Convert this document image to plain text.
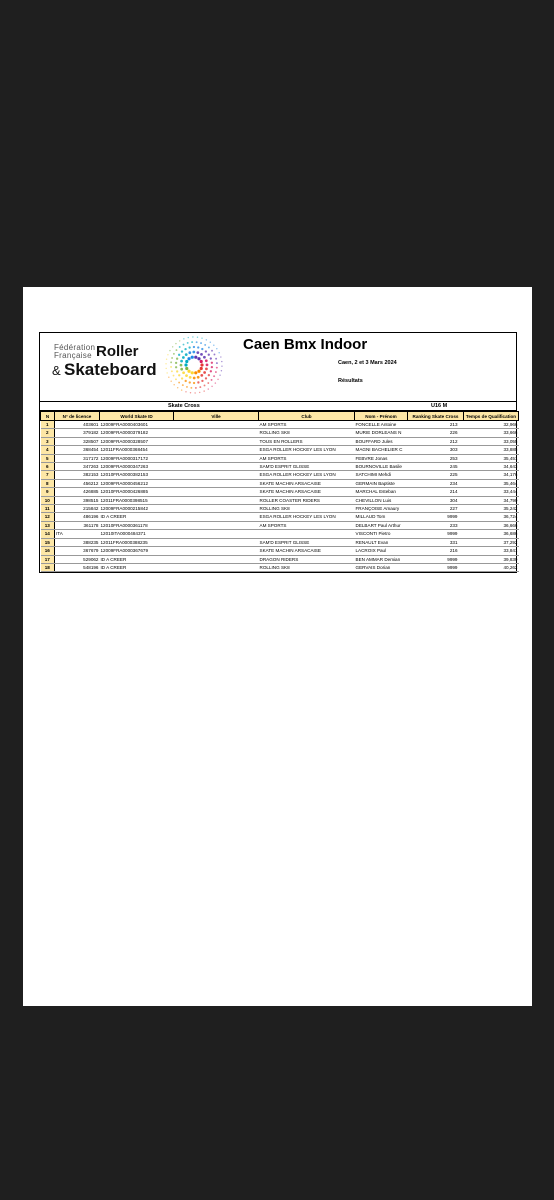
Fédération
Française Roller
& Skateboard
Caen Bmx Indoor
Caen, 2 et 3 Mars 2024
Résultats
Skate Cross	U16 M
N	N° de licence	World Skate ID	Ville	Club	Nom - Prénom	Ranking Skate Cross	Temps de Qualification
1	403601	12009FRA0000403601		AM SPORTS	FONCELLE Antoine	213	32,966
2	379182	12009FRA0000379182		ROLLING SK8	MURIE DORLEANS N	226	33,666
3	328507	12009FRA0000328507		TOUS EN ROLLERS	BOUFFARD Jules	212	33,055
4	368454	12011FRA0000368454		ESGA ROLLER HOCKEY LES LYON	MAGNI BACHELIER C	303	33,885
5	317172	12009FRA0000317172		AM SPORTS	FEBVRE Jonas	253	35,451
6	347263	12009FRA0000347263		SAM'D ESPRIT GLISSE	BOURNOVILLE Basile	245	34,643
7	382153	12010FRA0000382153		ESGA ROLLER HOCKEY LES LYON	SATCHIMI Mehdi	225	34,176
8	456212	12009FRA0000456212		SKATE MACHIN ARSACAISE	GERMAIN Baptiste	234	35,464
9	426885	12010FRA0000426885		SKATE MACHIN ARSACAISE	MARCHAL Esteban	214	33,444
10	398515	12011FRA0000398515		ROLLER COASTER RIDERS	CHEVILLON Luis	304	34,799
11	215842	12009FRA0000215842		ROLLING SK8	FRANÇOISE Amaury	227	35,242
12	486196	ID A CREER		ESGA ROLLER HOCKEY LES LYON	MILLAUD Tom	9999	36,724
13	361178	12010FRA0000361178		AM SPORTS	DELBART Paul Arthur	233	36,666
14	ITA	12010ITA0000484371			VISCONTI Pietro	9999	36,686
15	388235	12011FRA0000388235		SAM'D ESPRIT GLISSE	RENAULT Evan	331	37,292
16	367679	12009FRA0000367679		SKATE MACHIN ARSACAISE	LACROIX Paul	216	33,841
17	529062	ID A CREER		DRAGON RIDERS	BEN AMMAR Demian	9999	39,839
18	548196	ID A CREER		ROLLING SK8	GERVAIS Dorian	9999	40,262
